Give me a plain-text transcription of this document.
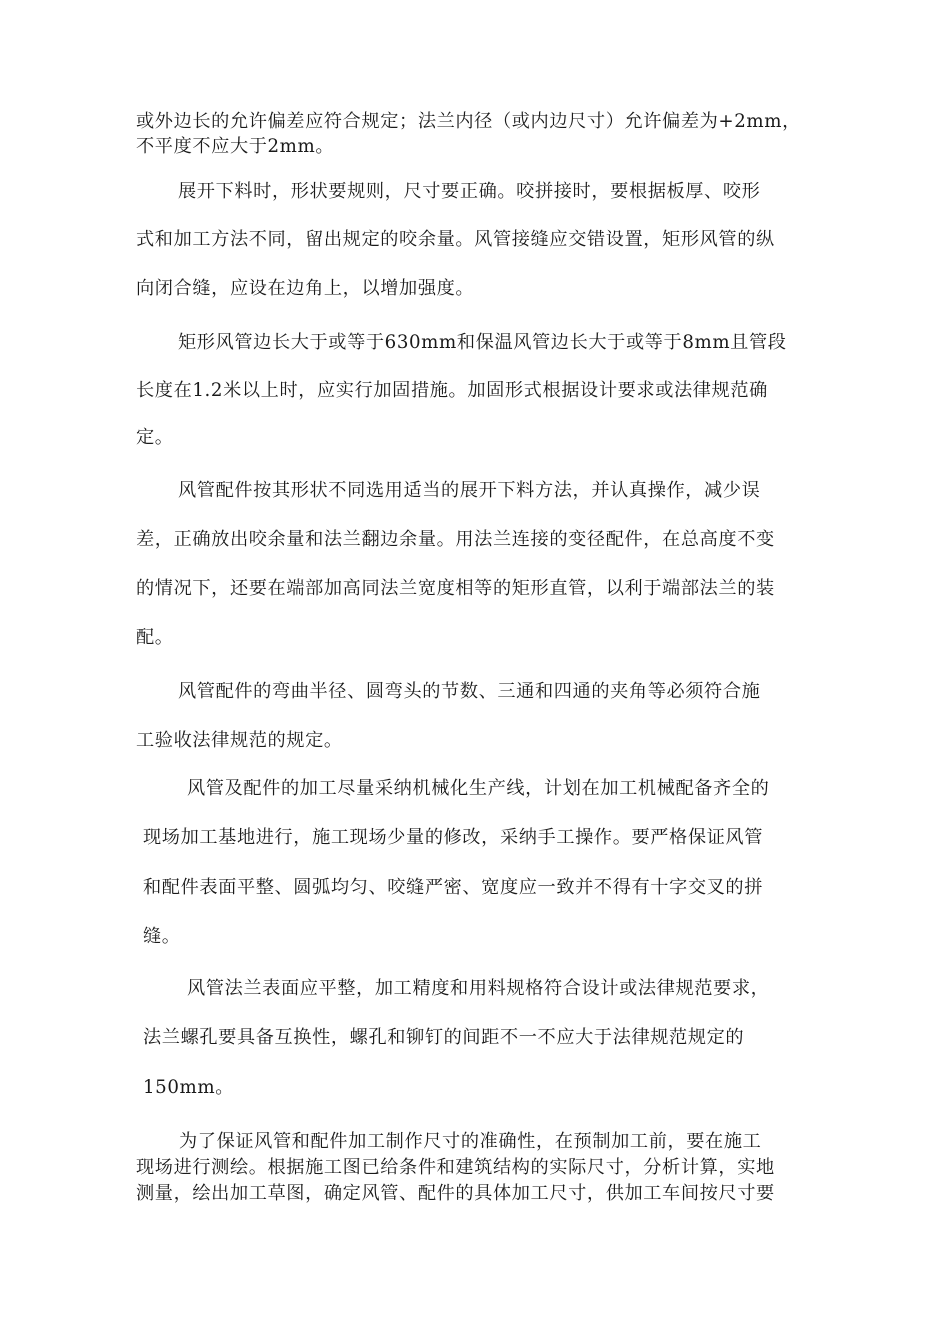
或外边长的允许偏差应符合规定；法兰内径（或内边尺寸）允许偏差为+2mm，
不平度不应大于2mm。
展开下料时，形状要规则，尺寸要正确。咬拼接时，要根据板厚、咬形
式和加工方法不同，留出规定的咬余量。风管接缝应交错设置，矩形风管的纵
向闭合缝，应设在边角上，以增加强度。
矩形风管边长大于或等于630mm和保温风管边长大于或等于8mm且管段
长度在1.2米以上时，应实行加固措施。加固形式根据设计要求或法律规范确
定。
风管配件按其形状不同选用适当的展开下料方法，并认真操作，减少误
差，正确放出咬余量和法兰翻边余量。用法兰连接的变径配件，在总高度不变
的情况下，还要在端部加高同法兰宽度相等的矩形直管，以利于端部法兰的装
配。
风管配件的弯曲半径、圆弯头的节数、三通和四通的夹角等必须符合施
工验收法律规范的规定。
风管及配件的加工尽量采纳机械化生产线，计划在加工机械配备齐全的
现场加工基地进行，施工现场少量的修改，采纳手工操作。要严格保证风管
和配件表面平整、圆弧均匀、咬缝严密、宽度应一致并不得有十字交叉的拼
缝。
风管法兰表面应平整，加工精度和用料规格符合设计或法律规范要求，
法兰螺孔要具备互换性，螺孔和铆钉的间距不一不应大于法律规范规定的
150mm。
为了保证风管和配件加工制作尺寸的准确性，在预制加工前，要在施工
现场进行测绘。根据施工图已给条件和建筑结构的实际尺寸，分析计算，实地
测量，绘出加工草图，确定风管、配件的具体加工尺寸，供加工车间按尺寸要
